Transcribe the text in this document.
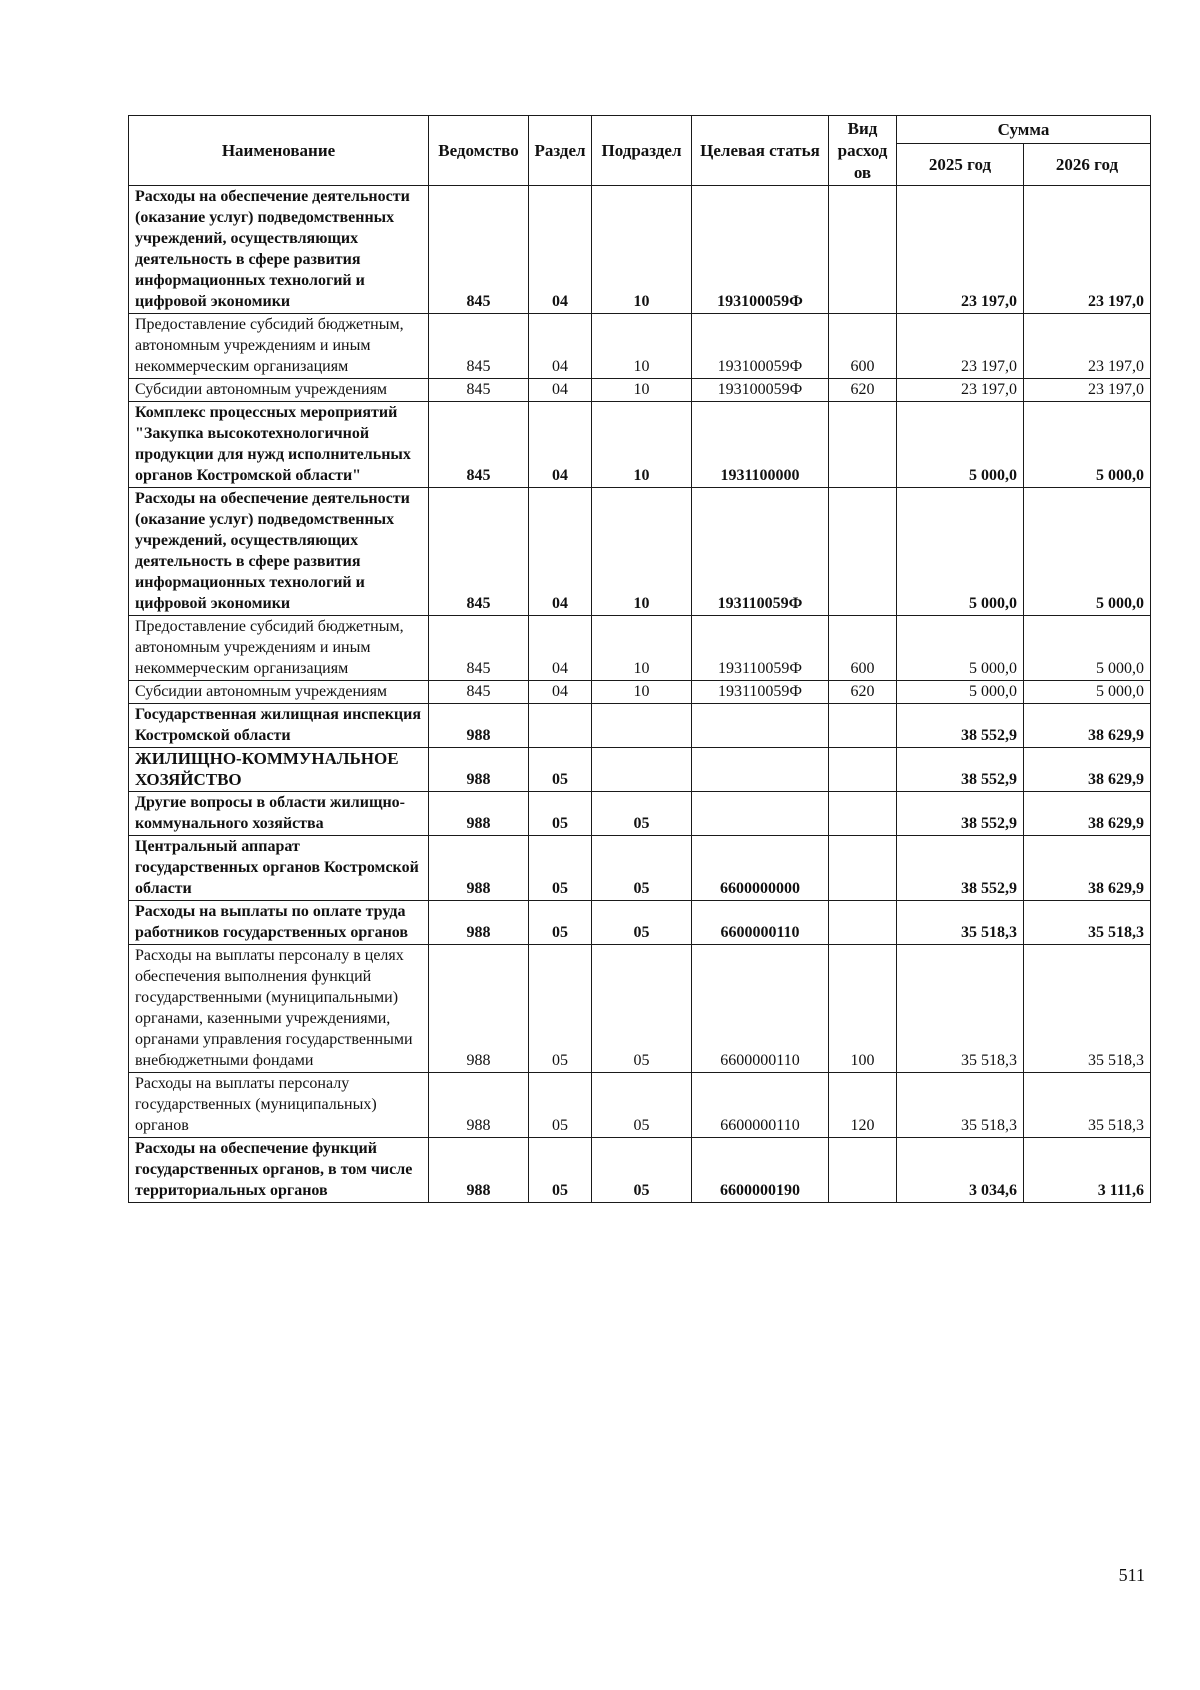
Наименование	Ведомство	Раздел	Подраздел	Целевая статья	Вид расход ов	Сумма	
						2025 год	2026 год
Расходы на обеспечение деятельности (оказание услуг) подведомственных учреждений, осуществляющих деятельность в сфере развития информационных технологий и цифровой экономики	845	04	10	193100059Ф		23 197,0	23 197,0
Предоставление субсидий бюджетным, автономным учреждениям и иным некоммерческим организациям	845	04	10	193100059Ф	600	23 197,0	23 197,0
Субсидии автономным учреждениям	845	04	10	193100059Ф	620	23 197,0	23 197,0
Комплекс процессных мероприятий "Закупка высокотехнологичной продукции для нужд исполнительных органов Костромской области"	845	04	10	1931100000		5 000,0	5 000,0
Расходы на обеспечение деятельности (оказание услуг) подведомственных учреждений, осуществляющих деятельность в сфере развития информационных технологий и цифровой экономики	845	04	10	193110059Ф		5 000,0	5 000,0
Предоставление субсидий бюджетным, автономным учреждениям и иным некоммерческим организациям	845	04	10	193110059Ф	600	5 000,0	5 000,0
Субсидии автономным учреждениям	845	04	10	193110059Ф	620	5 000,0	5 000,0
Государственная жилищная инспекция Костромской области	988					38 552,9	38 629,9
ЖИЛИЩНО-КОММУНАЛЬНОЕ ХОЗЯЙСТВО	988	05				38 552,9	38 629,9
Другие вопросы в области жилищно-коммунального хозяйства	988	05	05			38 552,9	38 629,9
Центральный аппарат государственных органов Костромской области	988	05	05	6600000000		38 552,9	38 629,9
Расходы на выплаты по оплате труда работников государственных органов	988	05	05	6600000110		35 518,3	35 518,3
Расходы на выплаты персоналу в целях обеспечения выполнения функций государственными (муниципальными) органами, казенными учреждениями, органами управления государственными внебюджетными фондами	988	05	05	6600000110	100	35 518,3	35 518,3
Расходы на выплаты персоналу государственных (муниципальных) органов	988	05	05	6600000110	120	35 518,3	35 518,3
Расходы на обеспечение функций государственных органов, в том числе территориальных органов	988	05	05	6600000190		3 034,6	3 111,6
511
